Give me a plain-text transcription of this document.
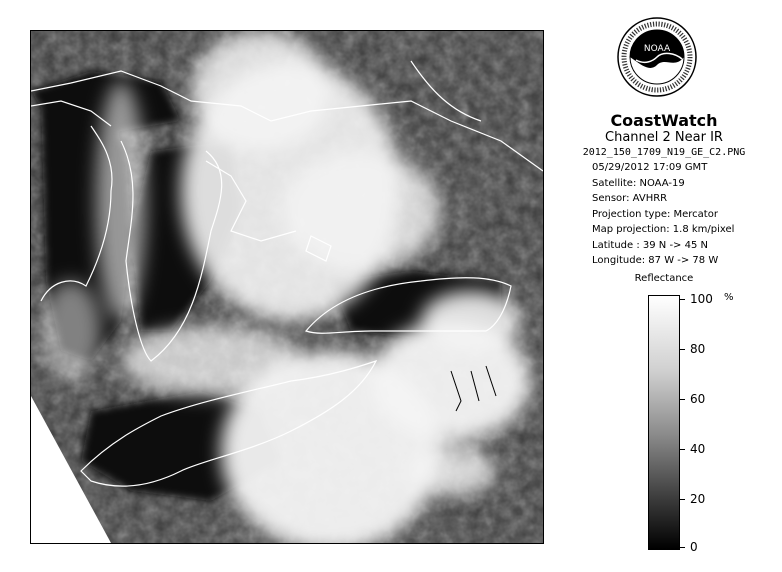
NOAA
CoastWatch
Channel 2 Near IR
2012_150_1709_N19_GE_C2.PNG
05/29/2012 17:09 GMT
Satellite: NOAA-19
Sensor: AVHRR
Projection type: Mercator
Map projection: 1.8 km/pixel
Latitude : 39 N -> 45 N
Longitude: 87 W -> 78 W
Reflectance
%
100
80
60
40
20
0
